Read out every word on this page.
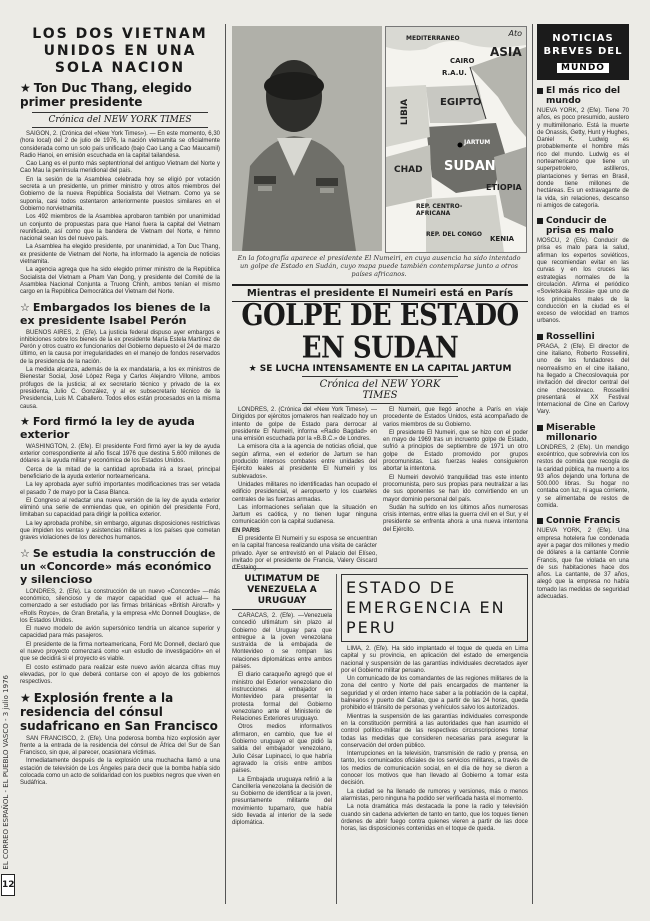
EL CORREO ESPAÑOL - EL PUEBLO VASCO - 3 julio 1976
12
LOS DOS VIETNAM UNIDOS EN UNA SOLA NACION
★ Ton Duc Thang, elegido primer presidente
Crónica del NEW YORK TIMES

SAIGON, 2. (Crónica del «New York Times»). — En este momento, 6,30 (hora local) del 2 de julio de 1976, la nación vietnamita se oficialmente considerada como un solo país unificado (bajo Cao Lang a Cao Maucamil) Radio Hanoi, en emisión escuchada en la capital tailandesa.

Cao Lang es el punto más septentrional del antiguo Vietnam del Norte y Cao Mau la península meridional del país.

En la sesión de la Asamblea celebrada hoy se eligió por votación secreta a un presidente, un primer ministro y otros altos miembros del Gobierno de la nueva República Socialista del Vietnam. Como ya se suponía, casi todos ostentaron anteriormente puestos similares en el Gobierno norvietnamita.

Los 492 miembros de la Asamblea aprobaron también por unanimidad un conjunto de propuestas para que Hanoi fuera la capital del Vietnam reunificado, así como que la bandera de Vietnam del Norte, e himno nacional sean los del nuevo país.

La Asamblea ha elegido presidente, por unanimidad, a Ton Duc Thang, ex presidente de Vietnam del Norte, ha informado la agencia de noticias vietnamita.

La agencia agrega que ha sido elegido primer ministro de la República Socialista del Vietnam a Pham Van Dong, y presidente del Comité de la Asamblea Nacional Conjunta a Truong Chinh, ambos tenían el mismo cargo en la República Democrática del Vietnam del Norte.

☆ Embargados los bienes de la ex presidente Isabel Perón

BUENOS AIRES, 2. (Efe). La justicia federal dispuso ayer embargos e inhibiciones sobre los bienes de la ex presidente María Estela Martínez de Perón y otros cuatro ex funcionarios del Gobierno depuesto el 24 de marzo último, en la causa por irregularidades en el manejo de fondos reservados de la presidencia de la nación.

La medida alcanza, además de la ex mandataria, a los ex ministros de Bienestar Social, José López Rega y Carlos Alejandro Villone, ambos prófugos de la justicia; al ex secretario técnico y privado de la ex presidenta, Julio C. González, y al ex subsecretario técnico de la Presidencia, Luis M. Caballero. Todos ellos están procesados en la misma causa.

★ Ford firmó la ley de ayuda exterior

WASHINGTON, 2. (Efe). El presidente Ford firmó ayer la ley de ayuda exterior correspondiente al año fiscal 1976 que destina 5.600 millones de dólares a la ayuda militar y económica de los Estados Unidos.

Cerca de la mitad de la cantidad aprobada irá a Israel, principal beneficiario de la ayuda exterior norteamericana.

La ley aprobada ayer sufrió importantes modificaciones tras ser vetada el pasado 7 de mayo por la Casa Blanca.

El Congreso al redactar una nueva versión de la ley de ayuda exterior eliminó una serie de enmiendas que, en opinión del presidente Ford, limitaban su capacidad para dirigir la política exterior.

La ley aprobada prohíbe, sin embargo, algunas disposiciones restrictivas que impiden los ventas y asistencias militares a los países que cometan graves violaciones de los derechos humanos.

☆ Se estudia la construcción de un «Concorde» más económico y silencioso

LONDRES, 2. (Efe). La construcción de un nuevo «Concorde» —más económico, silencioso y de mayor capacidad que el actual— ha comenzado a ser estudiado por las firmas británicas «British Aircraft» y «Rolls Royce», de Gran Bretaña, y la empresa «Mc Donnell Douglas», de los Estados Unidos.

El nuevo modelo de avión supersónico tendría un alcance superior y capacidad para más pasajeros.

El presidente de la firma norteamericana, Ford Mc Donnell, declaró que el nuevo proyecto comenzará como «un estudio de investigación» en el que se decidirá si el proyecto es viable.

El costo estimado para realizar este nuevo avión alcanza cifras muy elevadas, por lo que deberá contarse con el apoyo de los gobiernos respectivos.

★ Explosión frente a la residencia del cónsul sudafricano en San Francisco

SAN FRANCISCO, 2. (Efe). Una poderosa bomba hizo explosión ayer frente a la entrada de la residencia del cónsul de África del Sur de San Francisco, sin que, al parecer, ocasionara víctimas.

Inmediatamente después de la explosión una muchacha llamó a una estación de televisión de Los Ángeles para decir que la bomba había sido colocada como un acto de solidaridad con los pueblos negros que viven en Sudáfrica.

Ato
MEDITERRANEO
ASIA
CAIRO
R.A.U.
EGIPTO
LIBIA
CHAD SUDAN
ETIOPIA
JARTUM
REP. CENTRO-AFRICANA
REP. DEL CONGO
KENIA
En la fotografía aparece el presidente El Numeiri, en cuya ausencia ha sido intentado un golpe de Estado en Sudán, cuyo mapa puede también contemplarse junto a otros países africanos.
Mientras el presidente El Numeiri está en París
GOLPE DE ESTADO EN SUDAN
★ SE LUCHA INTENSAMENTE EN LA CAPITAL JARTUM
Crónica del NEW YORK TIMES

LONDRES, 2. (Crónica del «New York Times»). —Dirigidos por ejércitos jornaleros han realizado hoy un intento de golpe de Estado para derrocar al presidente El Numeiri, informa «Radio Bagdad» en una emisión escuchada por la «B.B.C.» de Londres.

La emisora cita a la agencia de noticias oficial, que según afirma, «en el exterior de Jartum se han producido intensos combates entre unidades del Ejército leales al presidente El Numeiri y los sublevados».

Unidades militares no identificadas han ocupado el edificio presidencial, el aeropuerto y los cuarteles centrales de las fuerzas armadas.

Las informaciones señalan que la situación en Jartum es caótica, y no tienen lugar ninguna comunicación con la capital sudanesa.

EN PARIS

El presidente El Numeiri y su esposa se encuentran en la capital francesa realizando una visita de carácter privado. Ayer se entrevistó en el Palacio del Elíseo, invitado por el presidente de Francia, Valery Giscard

El Numeiri, que llegó anoche a París en viaje procedente de Estados Unidos, está acompañado de varios miembros de su Gobierno.

El presidente El Numeiri, que se hizo con el poder en mayo de 1969 tras un incruento golpe de Estado, sufrió a principios de septiembre de 1971 un otro golpe de Estado promovido por grupos procomunistas. Las fuerzas leales consiguieron abortar la intentona.

El Numeiri devolvió tranquilidad tras este intento procomunista, pero sus propias para neutralizar a las de sus oponentes se han ido convirtiendo en un mayor dominio personal del país.

Sudán ha sufrido en los últimos años numerosas crisis internas, entre ellas la guerra civil en el Sur, y el presidente se enfrenta ahora a una nueva intentona del Ejército.

ULTIMATUM DE VENEZUELA A URUGUAY

CARACAS, 2. (Efe). —Venezuela concedió ultimátum sin plazo al Gobierno del Uruguay para que entregue a la joven venezolana sustraída de la embajada de Montevideo o se rompan las relaciones diplomáticas entre ambos países.

El diario caraqueño agregó que el ministro del Exterior venezolano dio instrucciones al embajador en Montevideo para presentar la protesta formal del Gobierno venezolano ante el Ministerio de Relaciones Exteriores uruguayo.

Otros medios informativos afirmaron, en cambio, que fue el Gobierno uruguayo el que pidió la salida del embajador venezolano, Julio César Lupinacci, lo que habría agravado la crisis entre ambos países.

La Embajada uruguaya refirió a la Cancillería venezolana la decisión de su Gobierno de identificar a la joven, presuntamente militante del movimiento tupamaro, que había sido llevada al interior de la sede diplomática.

ESTADO DE EMERGENCIA EN PERU

LIMA, 2. (Efe). Ha sido implantado el toque de queda en Lima capital y su provincia, en aplicación del estado de emergencia nacional y suspensión de las garantías individuales decretados ayer por el Gobierno militar peruano.

Un comunicado de los comandantes de las regiones militares de la zona del centro y Norte del país encargados de mantener la seguridad y el orden interno hace saber a la población de la capital, balnearios y puerto del Callao, que a partir de las 24 horas, queda prohibido el tránsito de personas y vehículos salvo los autorizados.

Mientras la suspensión de las garantías individuales corresponde en la constitución permitirá a las autoridades que han asumido el control político-militar de las respectivas circunscripciones tomar todas las medidas que consideren necesarias para asegurar la conservación del orden público.

Interrupciones en la televisión, transmisión de radio y prensa, en tanto, los comunicados oficiales de los servicios militares, a través de los medios de comunicación social, en el día de hoy se dieron a conocer los motivos que han llevado al Gobierno a tomar esta decisión.

La ciudad se ha llenado de rumores y versiones, más o menos alarmistas, pero ninguna ha podido ser verificada hasta el momento.

La nota dramática más destacada la pone la radio y televisión cuando sin cadena advierten de tanto en tanto, que los toques tienen órdenes de abrir fuego contra quienes vieren a partir de las doce horas, las disposiciones contenidas en el toque de queda.

NOTICIAS
BREVES DEL
MUNDO
El más rico del mundo
NUEVA YORK, 2 (Efe). Tiene 70 años, es poco presumido, austero y multimillonario. Está la muerte de Onassis, Getty, Hunt y Hughes, Daniel K. Ludwig es probablemente el hombre más rico del mundo. Ludwig es el norteamericano que tiene un superpetrolero, astilleros, plantaciones y tierras en Brasil, donde tiene millones de hectáreas. Es un extravagante de la vida, sin relaciones, descanso ni amigos de categoría.
Conducir de prisa es malo
MOSCU, 2 (Efe). Conducir de prisa es malo para la salud, afirman los expertos soviéticos, que recomiendan evitar en las curvas y en los cruces las estrategias normales de la circulación. Afirma el periódico «Sovietskaia Rossia» que uno de los principales males de la conducción en la ciudad es el exceso de velocidad en tramos urbanos.
Rossellini
PRAGA, 2 (Efe). El director de cine italiano, Roberto Rossellini, uno de los fundadores del neorrealismo en el cine italiano, ha llegado a Checoslovaquia por invitación del director central del cine checoslovaco. Rossellini presentará el XX Festival Internacional de Cine en Carlovy Vary.
Miserable millonario
LONDRES, 2 (Efe). Un mendigo excéntrico, que sobrevivía con los restos de comida que recogía de la caridad pública, ha muerto a los 93 años dejando una fortuna de 500.000 libras. Su hogar no contaba con luz, ni agua corriente, y se alimentaba de restos de comida.
Connie Francis
NUEVA YORK, 2 (Efe). Una empresa hotelera fue condenada ayer a pagar dos millones y medio de dólares a la cantante Connie Francis, que fue violada en una de sus habitaciones hace dos años. La cantante, de 37 años, alegó que la empresa no había tomado las medidas de seguridad adecuadas.
